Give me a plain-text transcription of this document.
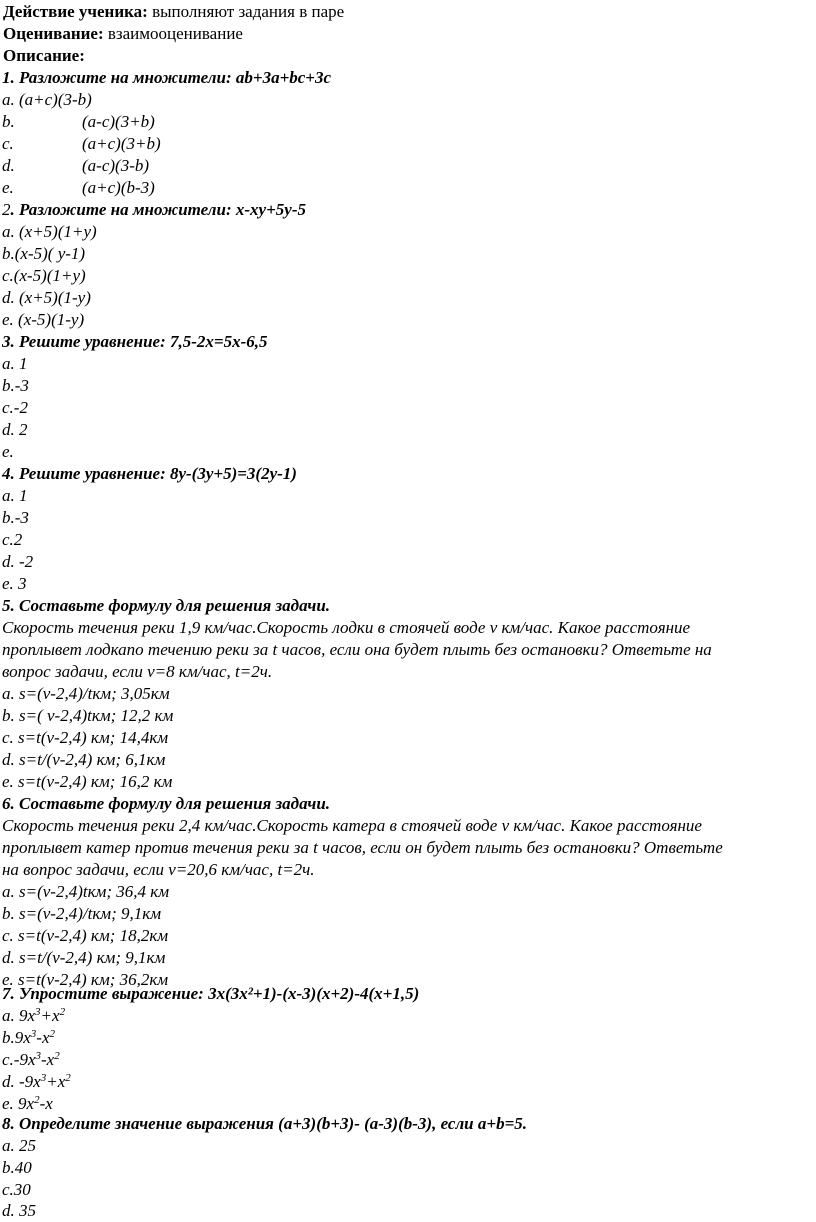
Действие ученика: выполняют задания в паре
Оценивание: взаимооценивание
Описание:
1. Разложите на множители: ab+3a+bc+3c
a. (a+c)(3-b)
b.	(a-c)(3+b)
c.	(a+c)(3+b)
d.	(a-c)(3-b)
e.	(a+c)(b-3)
2. Разложите на множители: x-xy+5y-5
a. (x+5)(1+y)
b.(x-5)( y-1)
c.(x-5)(1+y)
d. (x+5)(1-y)
e. (x-5)(1-y)
3. Решите уравнение: 7,5-2x=5x-6,5
a. 1
b.-3
c.-2
d. 2
e.
4. Решите уравнение: 8y-(3y+5)=3(2y-1)
a. 1
b.-3
c.2
d. -2
e. 3
5. Составьте формулу для решения задачи.
Скорость течения реки 1,9 км/час.Скорость лодки в стоячей воде v км/час. Какое расстояние
проплывет лодкапо течению реки за t часов, если она будет плыть без остановки? Ответьте на
вопрос задачи, если v=8 км/час, t=2ч.
a. s=(v-2,4)/tкм; 3,05км
b. s=( v-2,4)tкм; 12,2 км
c. s=t(v-2,4) км; 14,4км
d. s=t/(v-2,4) км; 6,1км
e. s=t(v-2,4) км; 16,2 км
6. Составьте формулу для решения задачи.
Скорость течения реки 2,4 км/час.Скорость катера в стоячей воде v км/час. Какое расстояние
проплывет катер против течения реки за t часов, если он будет плыть без остановки? Ответьте
на вопрос задачи, если v=20,6 км/час, t=2ч.
a. s=(v-2,4)tкм; 36,4 км
b. s=(v-2,4)/tкм; 9,1км
c. s=t(v-2,4) км; 18,2км
d. s=t/(v-2,4) км; 9,1км
e. s=t(v-2,4) км; 36,2км
7. Упростите выражение: 3x(3x²+1)-(x-3)(x+2)-4(x+1,5)
a. $9x^3+x^2$
$b.9x^3-x^2$
$c.-9x^3-x^2$
d. $-9x^3+x^2$
e. $9x^2-x$
8. Определите значение выражения (a+3)(b+3)- (a-3)(b-3), если a+b=5.
a. 25
b.40
c.30
d. 35
